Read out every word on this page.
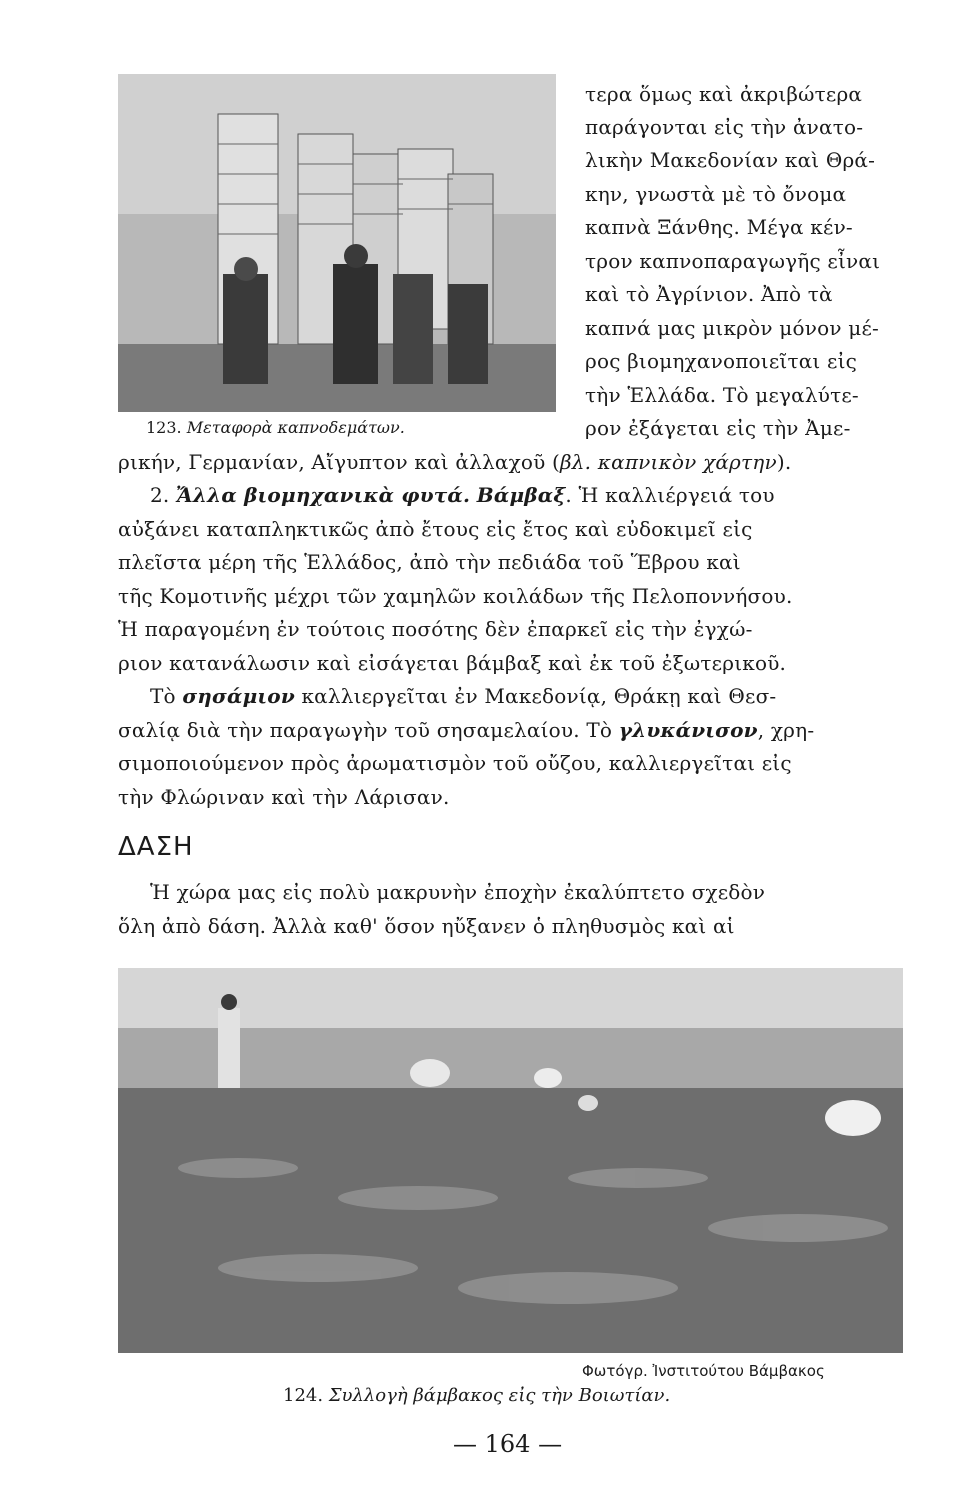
123. Μεταφορὰ καπνοδεμάτων.
τερα ὅμως καὶ ἀκριβώτερα
παράγονται εἰς τὴν ἀνατο-
λικὴν Μακεδονίαν καὶ Θρά-
κην, γνωστὰ μὲ τὸ ὄνομα
καπνὰ Ξάνθης. Μέγα κέν-
τρον καπνοπαραγωγῆς εἶναι
καὶ τὸ Ἀγρίνιον. Ἀπὸ τὰ
καπνά μας μικρὸν μόνον μέ-
ρος βιομηχανοποιεῖται εἰς
τὴν Ἑλλάδα. Τὸ μεγαλύτε-
ρον ἐξάγεται εἰς τὴν Ἀμε-
ρικήν, Γερμανίαν, Αἴγυπτον καὶ ἀλλαχοῦ (βλ. καπνικὸν χάρτην).
2. Ἄλλα βιομηχανικὰ φυτά. Βάμβαξ. Ἡ καλλιέργειά του
αὐξάνει καταπληκτικῶς ἀπὸ ἔτους εἰς ἔτος καὶ εὐδοκιμεῖ εἰς
πλεῖστα μέρη τῆς Ἑλλάδος, ἀπὸ τὴν πεδιάδα τοῦ Ἕβρου καὶ
τῆς Κομοτινῆς μέχρι τῶν χαμηλῶν κοιλάδων τῆς Πελοποννήσου.
Ἡ παραγομένη ἐν τούτοις ποσότης δὲν ἐπαρκεῖ εἰς τὴν ἐγχώ-
ριον κατανάλωσιν καὶ εἰσάγεται βάμβαξ καὶ ἐκ τοῦ ἐξωτερικοῦ.
Τὸ σησάμιον καλλιεργεῖται ἐν Μακεδονίᾳ, Θράκῃ καὶ Θεσ-
σαλίᾳ διὰ τὴν παραγωγὴν τοῦ σησαμελαίου. Τὸ γλυκάνισον, χρη-
σιμοποιούμενον πρὸς ἀρωματισμὸν τοῦ οὔζου, καλλιεργεῖται εἰς
τὴν Φλώριναν καὶ τὴν Λάρισαν.
ΔΑΣΗ
Ἡ χώρα μας εἰς πολὺ μακρυνὴν ἐποχὴν ἐκαλύπτετο σχεδὸν
ὅλη ἀπὸ δάση. Ἀλλὰ καθ' ὅσον ηὔξανεν ὁ πληθυσμὸς καὶ αἱ
Φωτόγρ. Ἰνστιτούτου Βάμβακος
124. Συλλογὴ βάμβακος εἰς τὴν Βοιωτίαν.
— 164 —
